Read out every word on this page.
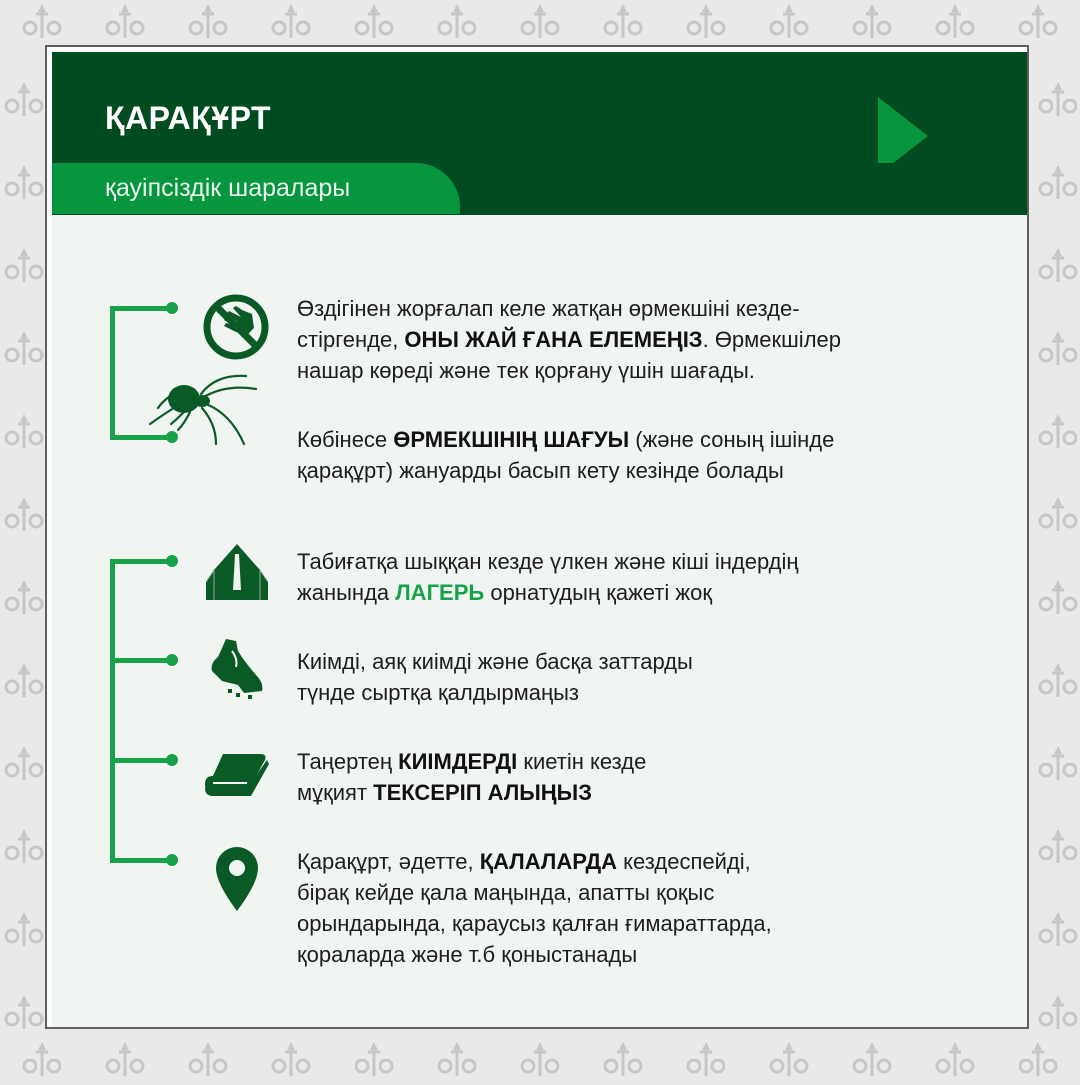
ҚАРАҚҰРТ
қауіпсіздік шаралары
Өздігінен жорғалап келе жатқан өрмекшіні кезде-
стіргенде, ОНЫ ЖАЙ ҒАНА ЕЛЕМЕҢІЗ. Өрмекшілер
нашар көреді және тек қорғану үшін шағады.
Көбінесе ӨРМЕКШІНІҢ ШАҒУЫ (және соның ішінде
қарақұрт) жануарды басып кету кезінде болады
Табиғатқа шыққан кезде үлкен және кіші індердің
жанында ЛАГЕРЬ орнатудың қажеті жоқ
Киімді, аяқ киімді және басқа заттарды
түнде сыртқа қалдырмаңыз
Таңертең КИІМДЕРДІ киетін кезде
мұқият ТЕКСЕРІП АЛЫҢЫЗ
Қарақұрт, әдетте, ҚАЛАЛАРДА кездеспейді,
бірақ кейде қала маңында, апатты қоқыс
орындарында, қараусыз қалған ғимараттарда,
қораларда және т.б қоныстанады
